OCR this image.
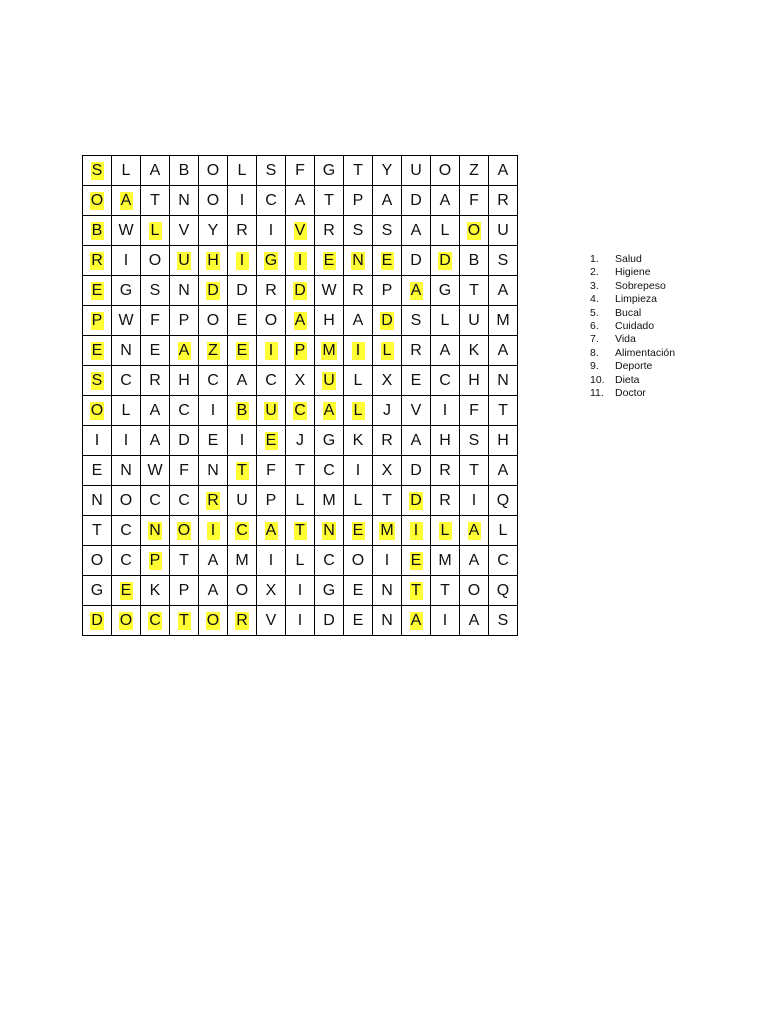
S	L	A	B	O	L	S	F	G	T	Y	U	O	Z	A
O	A	T	N	O	I	C	A	T	P	A	D	A	F	R
B	W	L	V	Y	R	I	V	R	S	S	A	L	O	U
R	I	O	U	H	I	G	I	E	N	E	D	D	B	S
E	G	S	N	D	D	R	D	W	R	P	A	G	T	A
P	W	F	P	O	E	O	A	H	A	D	S	L	U	M
E	N	E	A	Z	E	I	P	M	I	L	R	A	K	A
S	C	R	H	C	A	C	X	U	L	X	E	C	H	N
O	L	A	C	I	B	U	C	A	L	J	V	I	F	T
I	I	A	D	E	I	E	J	G	K	R	A	H	S	H
E	N	W	F	N	T	F	T	C	I	X	D	R	T	A
N	O	C	C	R	U	P	L	M	L	T	D	R	I	Q
T	C	N	O	I	C	A	T	N	E	M	I	L	A	L
O	C	P	T	A	M	I	L	C	O	I	E	M	A	C
G	E	K	P	A	O	X	I	G	E	N	T	T	O	Q
D	O	C	T	O	R	V	I	D	E	N	A	I	A	S
1.	Salud
2.	Higiene
3.	Sobrepeso
4.	Limpieza
5.	Bucal
6.	Cuidado
7.	Vida
8.	Alimentación
9.	Deporte
10. Dieta
11.	Doctor
